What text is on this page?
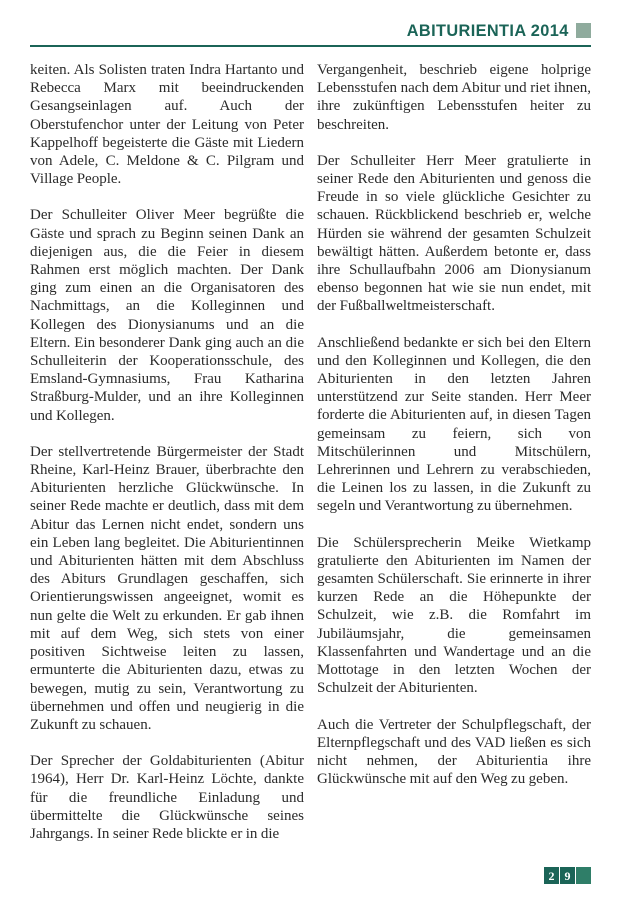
ABITURIENTIA 2014

keiten. Als Solisten traten Indra Hartanto und Rebecca Marx mit beeindruckenden Gesangseinlagen auf. Auch der Oberstufenchor unter der Leitung von Peter Kappelhoff begeisterte die Gäste mit Liedern von Adele, C. Meldone & C. Pilgram und Village People.

Der Schulleiter Oliver Meer begrüßte die Gäste und sprach zu Beginn seinen Dank an diejenigen aus, die die Feier in diesem Rahmen erst möglich machten. Der Dank ging zum einen an die Organisatoren des Nachmittags, an die Kolleginnen und Kollegen des Dionysianums und an die Eltern. Ein besonderer Dank ging auch an die Schulleiterin der Kooperationsschule, des Emsland-Gymnasiums, Frau Katharina Straßburg-Mulder, und an ihre Kolleginnen und Kollegen.

Der stellvertretende Bürgermeister der Stadt Rheine, Karl-Heinz Brauer, überbrachte den Abiturienten herzliche Glückwünsche. In seiner Rede machte er deutlich, dass mit dem Abitur das Lernen nicht endet, sondern uns ein Leben lang begleitet. Die Abiturientinnen und Abiturienten hätten mit dem Abschluss des Abiturs Grundlagen geschaffen, sich Orientierungswissen angeeignet, womit es nun gelte die Welt zu erkunden. Er gab ihnen mit auf dem Weg, sich stets von einer positiven Sichtweise leiten zu lassen, ermunterte die Abiturienten dazu, etwas zu bewegen, mutig zu sein, Verantwortung zu übernehmen und offen und neugierig in die Zukunft zu schauen.

Der Sprecher der Goldabiturienten (Abitur 1964), Herr Dr. Karl-Heinz Löchte, dankte für die freundliche Einladung und übermittelte die Glückwünsche seines Jahrgangs. In seiner Rede blickte er in die

Vergangenheit, beschrieb eigene holprige Lebensstufen nach dem Abitur und riet ihnen, ihre zukünftigen Lebensstufen heiter zu beschreiten.

Der Schulleiter Herr Meer gratulierte in seiner Rede den Abiturienten und genoss die Freude in so viele glückliche Gesichter zu schauen. Rückblickend beschrieb er, welche Hürden sie während der gesamten Schulzeit bewältigt hätten. Außerdem betonte er, dass ihre Schullaufbahn 2006 am Dionysianum ebenso begonnen hat wie sie nun endet, mit der Fußballweltmeisterschaft.

Anschließend bedankte er sich bei den Eltern und den Kolleginnen und Kollegen, die den Abiturienten in den letzten Jahren unterstützend zur Seite standen. Herr Meer forderte die Abiturienten auf, in diesen Tagen gemeinsam zu feiern, sich von Mitschülerinnen und Mitschülern, Lehrerinnen und Lehrern zu verabschieden, die Leinen los zu lassen, in die Zukunft zu segeln und Verantwortung zu übernehmen.

Die Schülersprecherin Meike Wietkamp gratulierte den Abiturienten im Namen der gesamten Schülerschaft. Sie erinnerte in ihrer kurzen Rede an die Höhepunkte der Schulzeit, wie z.B. die Romfahrt im Jubiläumsjahr, die gemeinsamen Klassenfahrten und Wandertage und an die Mottotage in den letzten Wochen der Schulzeit der Abiturienten.

Auch die Vertreter der Schulpflegschaft, der Elternpflegschaft und des VAD ließen es sich nicht nehmen, der Abiturientia ihre Glückwünsche mit auf den Weg zu geben.

2 9
